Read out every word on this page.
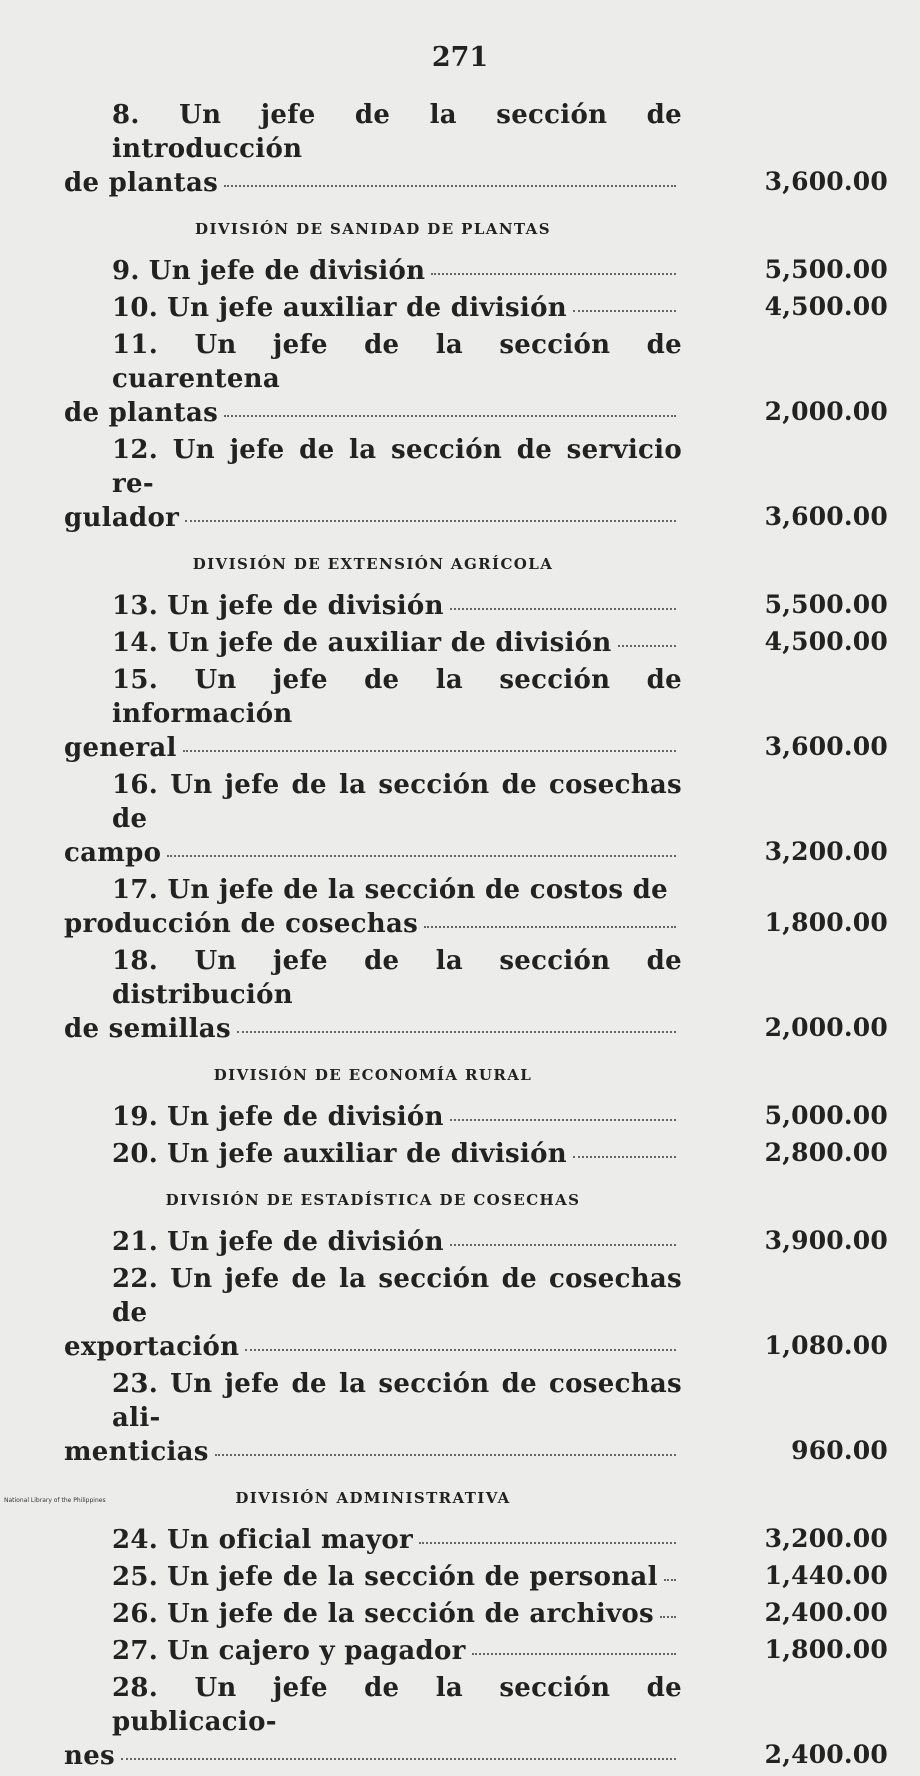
271
8. Un jefe de la sección de introducción
de plantas	3,600.00
DIVISIÓN DE SANIDAD DE PLANTAS
9. Un jefe de división	5,500.00
10. Un jefe auxiliar de división	4,500.00
11. Un jefe de la sección de cuarentena
de plantas	2,000.00
12. Un jefe de la sección de servicio re-
gulador	3,600.00
DIVISIÓN DE EXTENSIÓN AGRÍCOLA
13. Un jefe de división	5,500.00
14. Un jefe de auxiliar de división	4,500.00
15. Un jefe de la sección de información
general	3,600.00
16. Un jefe de la sección de cosechas de
campo	3,200.00
17. Un jefe de la sección de costos de
producción de cosechas	1,800.00
18. Un jefe de la sección de distribución
de semillas	2,000.00
DIVISIÓN DE ECONOMÍA RURAL
19. Un jefe de división	5,000.00
20. Un jefe auxiliar de división	2,800.00
DIVISIÓN DE ESTADÍSTICA DE COSECHAS
21. Un jefe de división	3,900.00
22. Un jefe de la sección de cosechas de
exportación	1,080.00
23. Un jefe de la sección de cosechas ali-
menticias	960.00
DIVISIÓN ADMINISTRATIVA
24. Un oficial mayor	3,200.00
25. Un jefe de la sección de personal	1,440.00
26. Un jefe de la sección de archivos	2,400.00
27. Un cajero y pagador	1,800.00
28. Un jefe de la sección de publicacio-
nes	2,400.00
National Library of the Philippines
